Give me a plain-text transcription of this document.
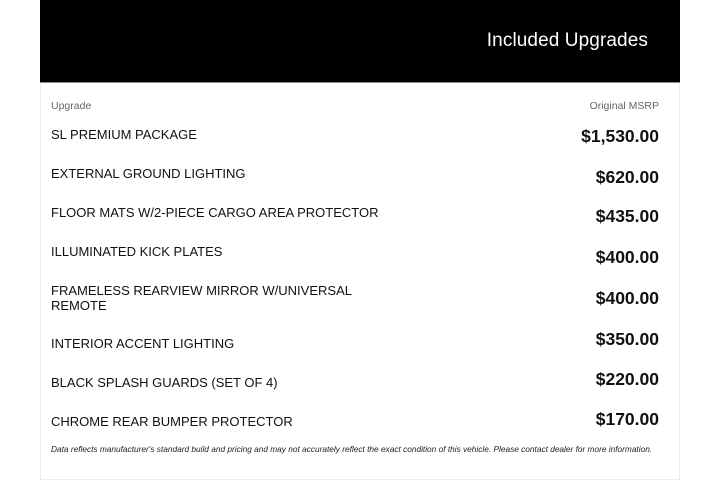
Included Upgrades
Upgrade	Original MSRP
SL PREMIUM PACKAGE	$1,530.00
EXTERNAL GROUND LIGHTING	$620.00
FLOOR MATS W/2-PIECE CARGO AREA PROTECTOR	$435.00
ILLUMINATED KICK PLATES	$400.00
FRAMELESS REARVIEW MIRROR W/UNIVERSAL REMOTE	$400.00
INTERIOR ACCENT LIGHTING	$350.00
BLACK SPLASH GUARDS (SET OF 4)	$220.00
CHROME REAR BUMPER PROTECTOR	$170.00
Data reflects manufacturer's standard build and pricing and may not accurately reflect the exact condition of this vehicle. Please contact dealer for more information.
